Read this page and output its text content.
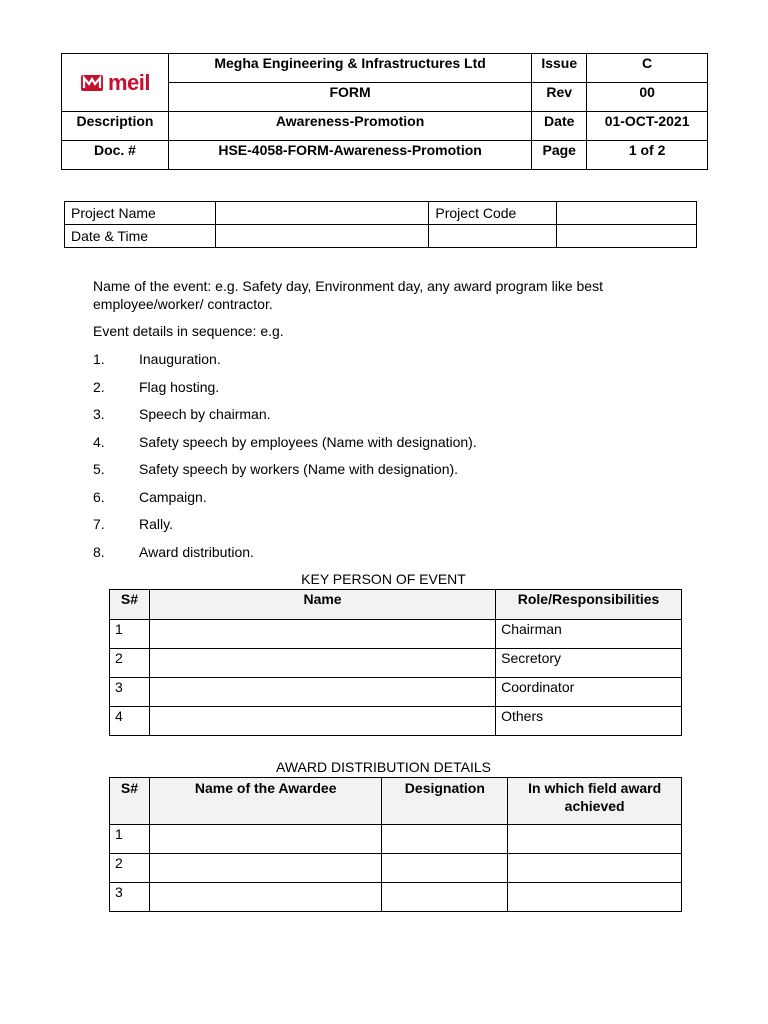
meil	Megha Engineering & Infrastructures Ltd	Issue	C
	FORM	Rev	00
Description	Awareness-Promotion	Date	01-OCT-2021
Doc. #	HSE-4058-FORM-Awareness-Promotion	Page	1 of 2
Project Name		Project Code	
Date & Time			
Name of the event: e.g. Safety day, Environment day, any award program like best employee/worker/ contractor.
Event details in sequence: e.g.
1. Inauguration.
2. Flag hosting.
3. Speech by chairman.
4. Safety speech by employees (Name with designation).
5. Safety speech by workers (Name with designation).
6. Campaign.
7. Rally.
8. Award distribution.
KEY PERSON OF EVENT
S#	Name	Role/Responsibilities
1		Chairman
2		Secretory
3		Coordinator
4		Others
AWARD DISTRIBUTION DETAILS
S#	Name of the Awardee	Designation	In which field award achieved
1			
2			
3			
